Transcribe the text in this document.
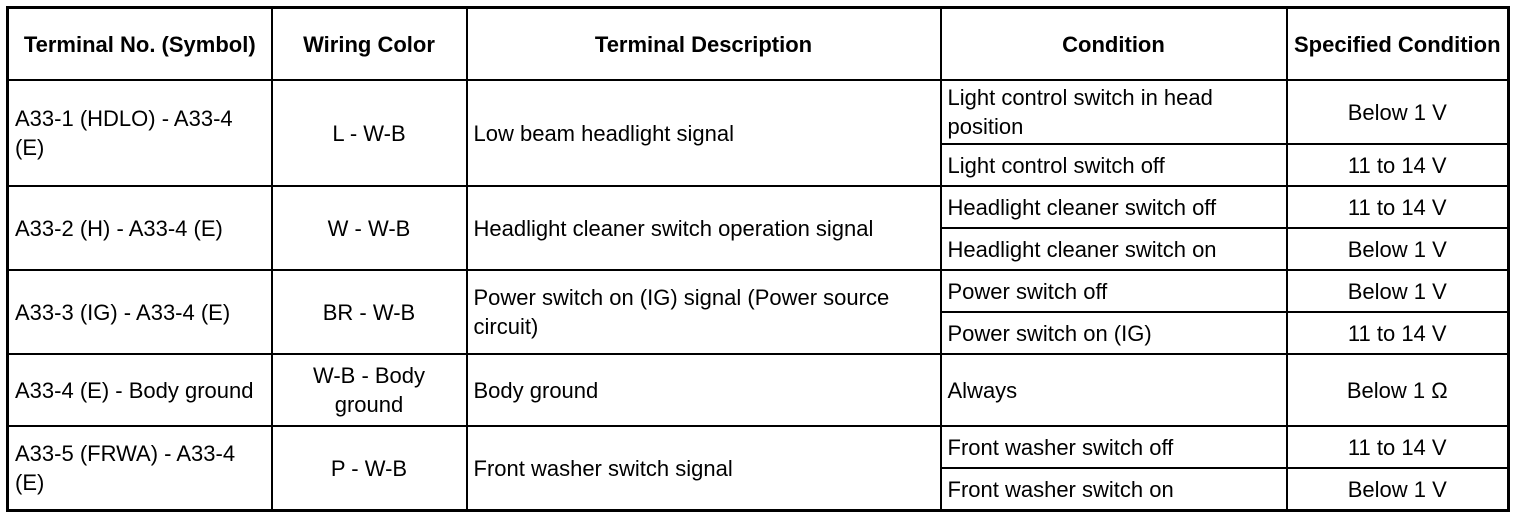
Terminal No. (Symbol)	Wiring Color	Terminal Description	Condition	Specified Condition
A33-1 (HDLO) - A33-4 (E)	L - W-B	Low beam headlight signal	Light control switch in head position	Below 1 V
			Light control switch off	11 to 14 V
A33-2 (H) - A33-4 (E)	W - W-B	Headlight cleaner switch operation signal	Headlight cleaner switch off	11 to 14 V
			Headlight cleaner switch on	Below 1 V
A33-3 (IG) - A33-4 (E)	BR - W-B	Power switch on (IG) signal (Power source circuit)	Power switch off	Below 1 V
			Power switch on (IG)	11 to 14 V
A33-4 (E) - Body ground	W-B - Body ground	Body ground	Always	Below 1 Ω
A33-5 (FRWA) - A33-4 (E)	P - W-B	Front washer switch signal	Front washer switch off	11 to 14 V
			Front washer switch on	Below 1 V
